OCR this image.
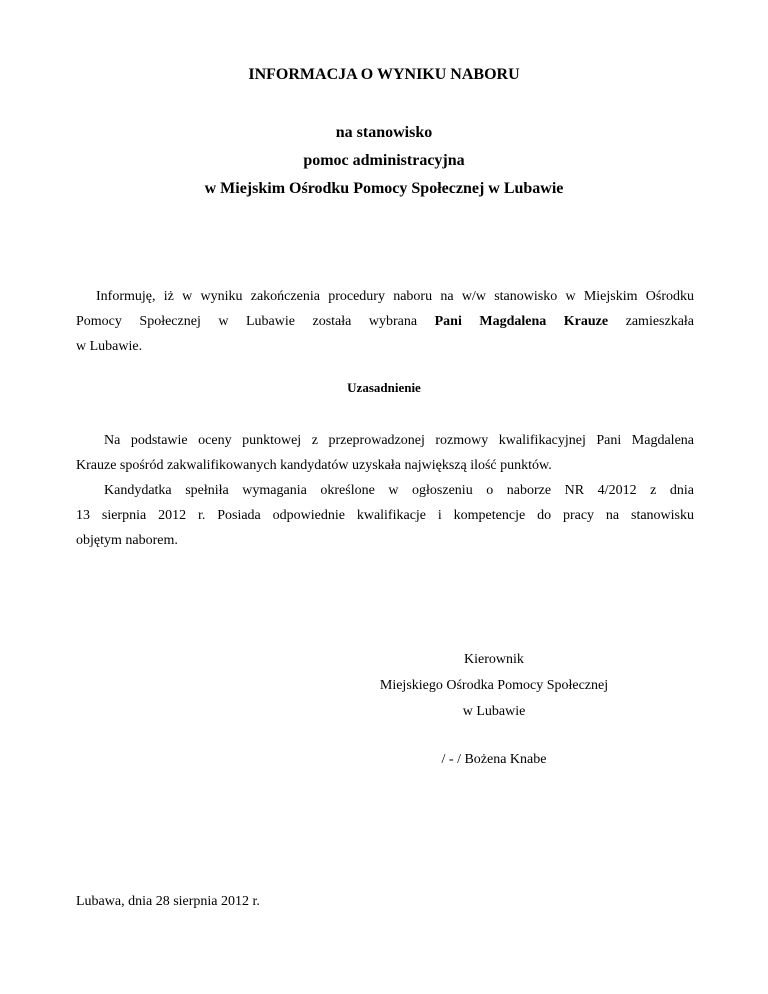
INFORMACJA O WYNIKU NABORU
na stanowisko
pomoc administracyjna
w Miejskim Ośrodku Pomocy Społecznej w Lubawie
Informuję, iż w wyniku zakończenia procedury naboru na w/w stanowisko w Miejskim Ośrodku
Pomocy Społecznej w Lubawie została wybrana Pani Magdalena Krauze zamieszkała
w Lubawie.
Uzasadnienie
Na podstawie oceny punktowej z przeprowadzonej rozmowy kwalifikacyjnej Pani Magdalena
Krauze spośród zakwalifikowanych kandydatów uzyskała największą ilość punktów.
Kandydatka spełniła wymagania określone w ogłoszeniu o naborze NR 4/2012 z dnia
13 sierpnia 2012 r. Posiada odpowiednie kwalifikacje i kompetencje do pracy na stanowisku
objętym naborem.
Kierownik
Miejskiego Ośrodka Pomocy Społecznej
w Lubawie
/ - / Bożena Knabe
Lubawa, dnia 28 sierpnia 2012 r.
